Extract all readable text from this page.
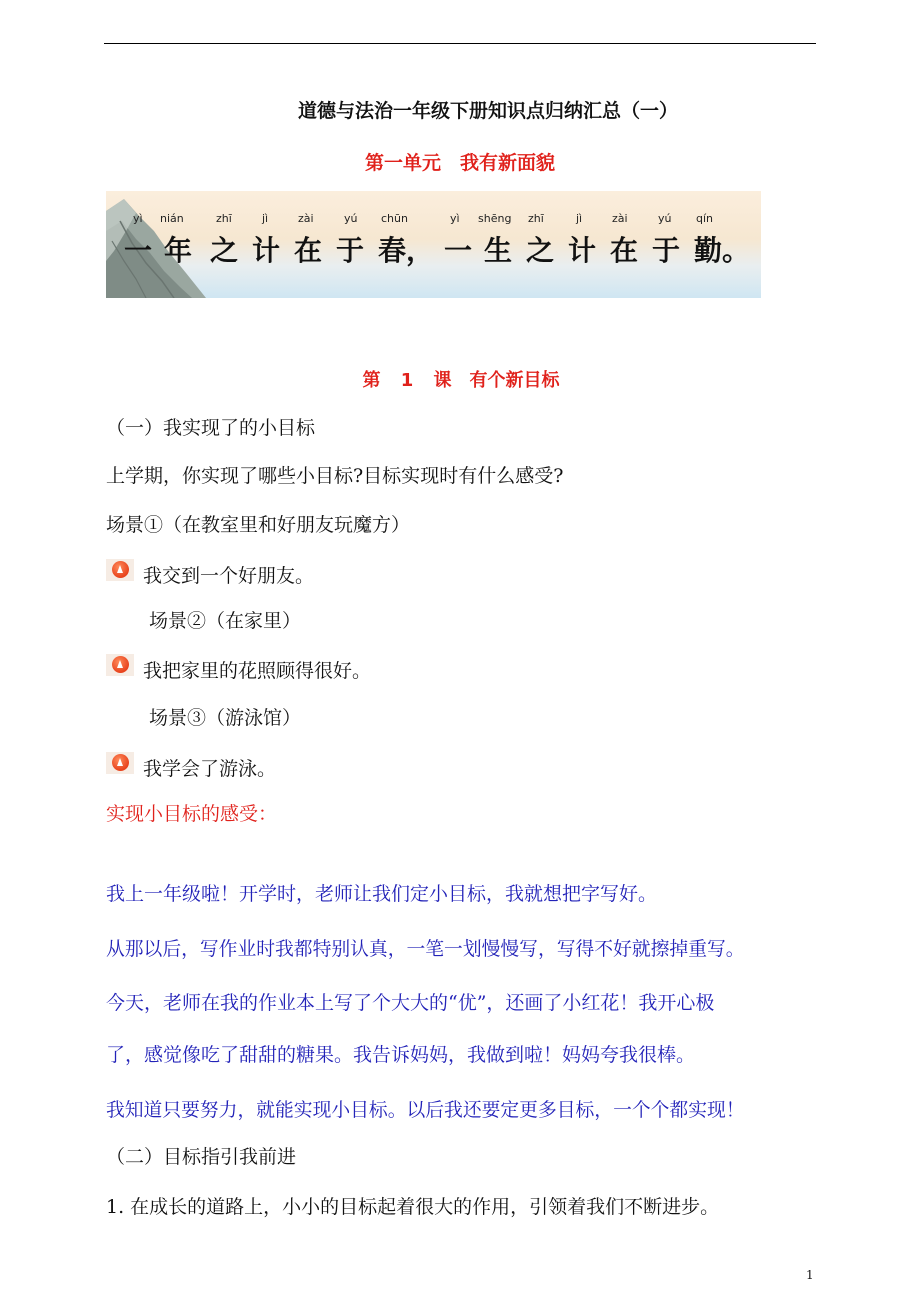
道德与法治一年级下册知识点归纳汇总（一）
第一单元　我有新面貌
yì nián	zhī	jì	zài	yú chūn	yì shēng zhī	jì	zài	yú qín
一 年 之 计 在 于 春， 一 生 之 计 在 于 勤。
第 1 课　有个新目标
（一）我实现了的小目标
上学期，你实现了哪些小目标?目标实现时有什么感受?
场景①（在教室里和好朋友玩魔方）
我交到一个好朋友。
场景②（在家里）
我把家里的花照顾得很好。
场景③（游泳馆）
我学会了游泳。
实现小目标的感受：
我上一年级啦！开学时，老师让我们定小目标，我就想把字写好。
从那以后，写作业时我都特别认真，一笔一划慢慢写，写得不好就擦掉重写。
今天，老师在我的作业本上写了个大大的“优”，还画了小红花！我开心极
了，感觉像吃了甜甜的糖果。我告诉妈妈，我做到啦！妈妈夸我很棒。
我知道只要努力，就能实现小目标。以后我还要定更多目标，一个个都实现！
（二）目标指引我前进
1. 在成长的道路上，小小的目标起着很大的作用，引领着我们不断进步。
1
